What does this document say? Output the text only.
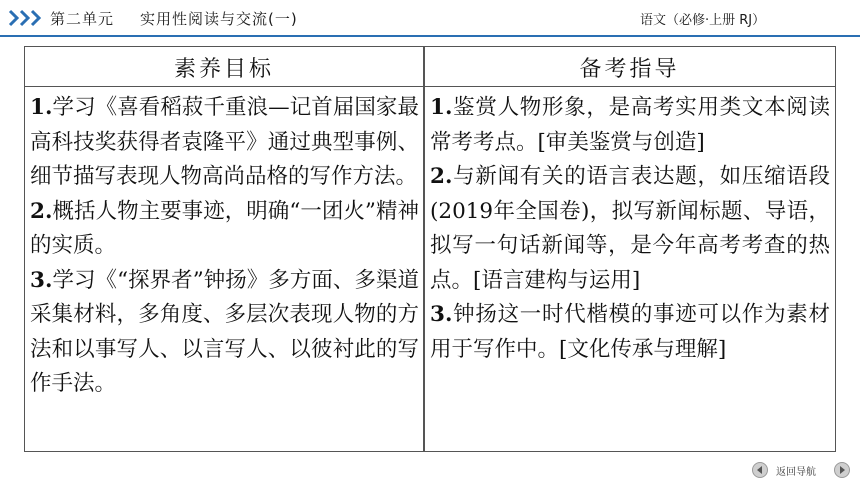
第二单元 实用性阅读与交流(一)	语文（必修·上册 RJ）
素养目标	备考指导
1.学习《喜看稻菽千重浪—记首届国家最高科技奖获得者袁隆平》通过典型事例、细节描写表现人物高尚品格的写作方法。
2.概括人物主要事迹，明确“一团火”精神的实质。
3.学习《“探界者”钟扬》多方面、多渠道采集材料，多角度、多层次表现人物的方法和以事写人、以言写人、以彼衬此的写作手法。
1.鉴赏人物形象，是高考实用类文本阅读常考考点。[审美鉴赏与创造]
2.与新闻有关的语言表达题，如压缩语段(2019年全国卷)，拟写新闻标题、导语，拟写一句话新闻等，是今年高考考查的热点。[语言建构与运用]
3.钟扬这一时代楷模的事迹可以作为素材用于写作中。[文化传承与理解]
返回导航
